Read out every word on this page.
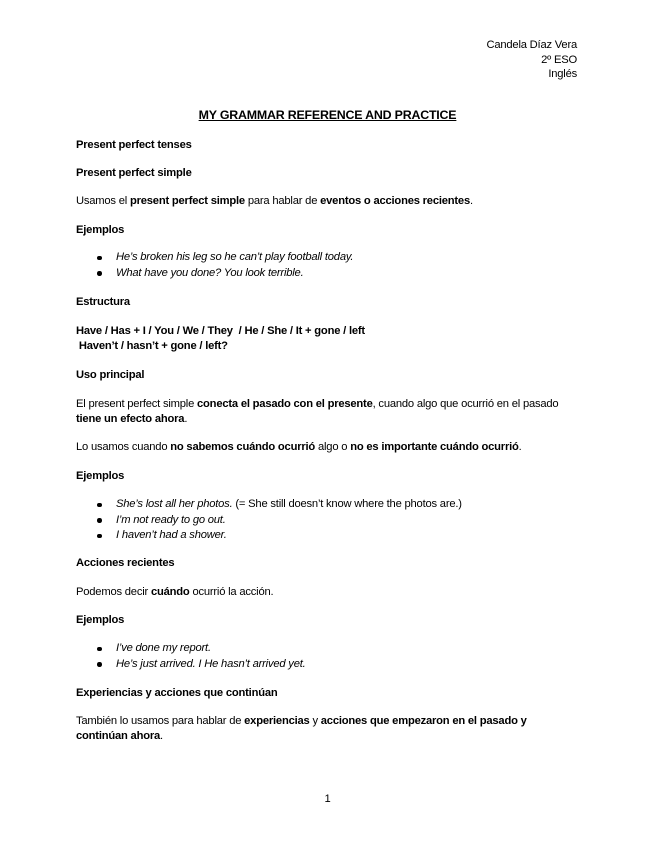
Candela Díaz Vera
2º ESO
Inglés
MY GRAMMAR REFERENCE AND PRACTICE
Present perfect tenses
Present perfect simple
Usamos el present perfect simple para hablar de eventos o acciones recientes.
Ejemplos
He’s broken his leg so he can’t play football today.
What have you done? You look terrible.
Estructura
Have / Has + I / You / We / They  / He / She / It + gone / left
Haven’t / hasn’t + gone / left?
Uso principal
El present perfect simple conecta el pasado con el presente, cuando algo que ocurrió en el pasado tiene un efecto ahora.
Lo usamos cuando no sabemos cuándo ocurrió algo o no es importante cuándo ocurrió.
Ejemplos
She’s lost all her photos. (= She still doesn’t know where the photos are.)
I’m not ready to go out.
I haven’t had a shower.
Acciones recientes
Podemos decir cuándo ocurrió la acción.
Ejemplos
I’ve done my report.
He’s just arrived. I He hasn’t arrived yet.
Experiencias y acciones que continúan
También lo usamos para hablar de experiencias y acciones que empezaron en el pasado y continúan ahora.
1
